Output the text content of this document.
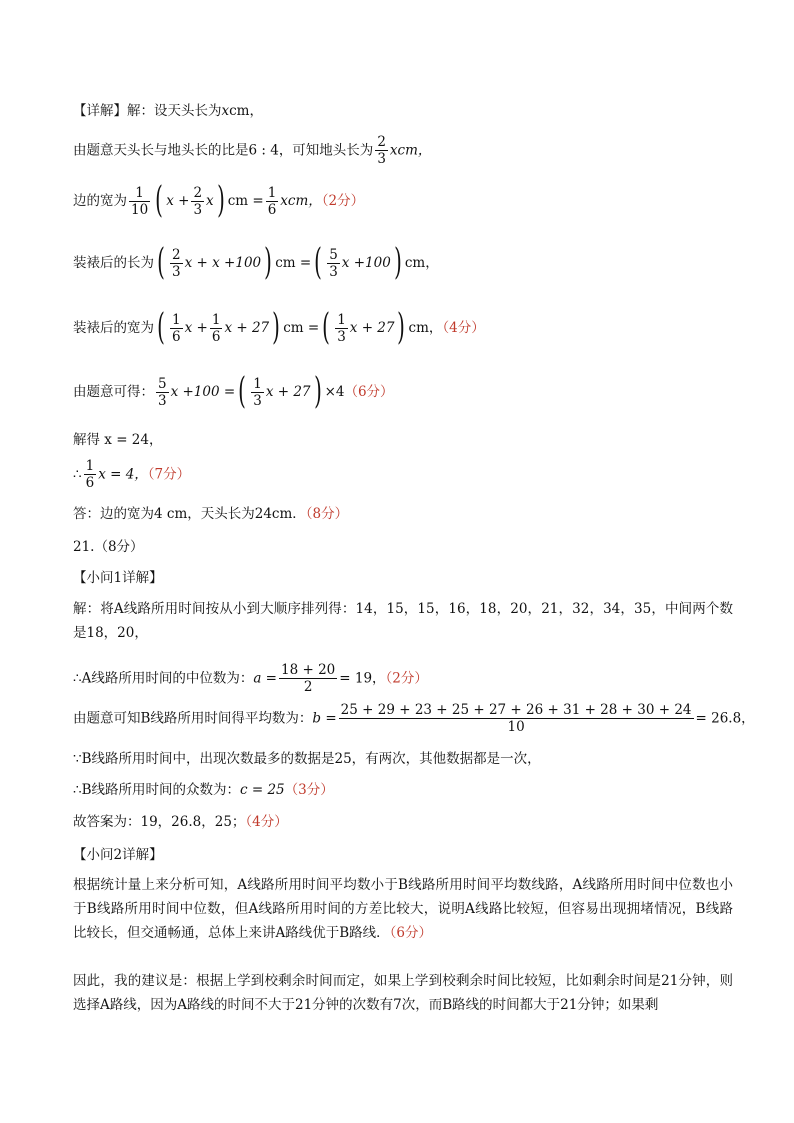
【详解】解：设天头长为xcm，
由题意天头长与地头长的比是6 : 4，可知地头长为 $\frac{2}{3}$ xcm，
边的宽为 $\frac{1}{10}$ ( $x + \frac{2}{3}$ x ) cm = $\frac{1}{6}$ xcm，（2分）
装裱后的长为 ( $\frac{2}{3}$ x + x +100 ) cm = ( $\frac{5}{3}$ x +100 ) cm，
装裱后的宽为 ( $\frac{1}{6}$ $x + \frac{1}{6}$ x + 27 ) cm = ( $\frac{1}{3}$ x + 27 ) cm，（4分）
由题意可得： $\frac{5}{3}$ x +100 = ( $\frac{1}{3}$ x + 27 ) ×4（6分）
解得 x = 24，
∴ $\frac{1}{6}$ x = 4，（7分）
答：边的宽为4 cm，天头长为24cm．（8分）
21.（8分）
【小问1详解】
解：将A线路所用时间按从小到大顺序排列得：14，15，15，16，18，20，21，32，34，35，中间两个数是18，20，
∴A线路所用时间的中位数为：$a = \frac{18 + 20}{2} = 19$，（2分）
由题意可知B线路所用时间得平均数为：$b = \frac{25 + 29 + 23 + 25 + 27 + 26 + 31 + 28 + 30 + 24}{10} = 26.8$，
∵B线路所用时间中，出现次数最多的数据是25，有两次，其他数据都是一次，
∴B线路所用时间的众数为：c = 25（3分）
故答案为：19，26.8，25；（4分）
【小问2详解】
根据统计量上来分析可知，A线路所用时间平均数小于B线路所用时间平均数线路，A线路所用时间中位数也小于B线路所用时间中位数，但A线路所用时间的方差比较大，说明A线路比较短，但容易出现拥堵情况，B线路比较长，但交通畅通，总体上来讲A路线优于B路线．（6分）
因此，我的建议是：根据上学到校剩余时间而定，如果上学到校剩余时间比较短，比如剩余时间是21分钟，则选择A路线，因为A路线的时间不大于21分钟的次数有7次，而B路线的时间都大于21分钟；如果剩
